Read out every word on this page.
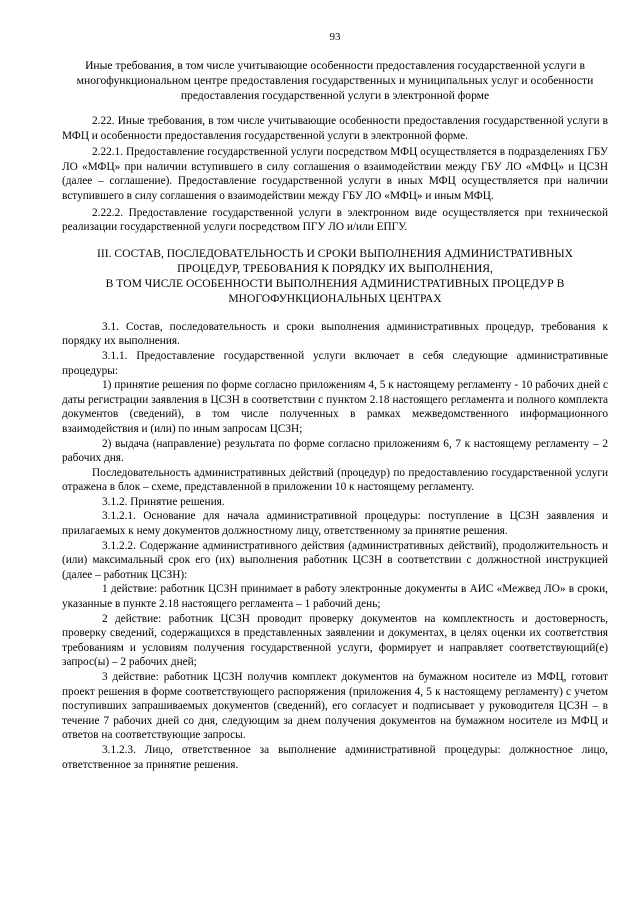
93
Иные требования, в том числе учитывающие особенности предоставления государственной услуги в многофункциональном центре предоставления государственных и муниципальных услуг и особенности предоставления государственной услуги в электронной форме

2.22. Иные требования, в том числе учитывающие особенности предоставления государственной услуги в МФЦ и особенности предоставления государственной услуги в электронной форме.

2.22.1. Предоставление государственной услуги посредством МФЦ осуществляется в подразделениях ГБУ ЛО «МФЦ» при наличии вступившего в силу соглашения о взаимодействии между ГБУ ЛО «МФЦ» и ЦСЗН (далее – соглашение). Предоставление государственной услуги в иных МФЦ осуществляется при наличии вступившего в силу соглашения о взаимодействии между ГБУ ЛО «МФЦ» и иным МФЦ.

2.22.2. Предоставление государственной услуги в электронном виде осуществляется при технической реализации государственной услуги посредством ПГУ ЛО и/или ЕПГУ.

III. СОСТАВ, ПОСЛЕДОВАТЕЛЬНОСТЬ И СРОКИ ВЫПОЛНЕНИЯ АДМИНИСТРАТИВНЫХ
ПРОЦЕДУР, ТРЕБОВАНИЯ К ПОРЯДКУ ИХ ВЫПОЛНЕНИЯ,
В ТОМ ЧИСЛЕ ОСОБЕННОСТИ ВЫПОЛНЕНИЯ АДМИНИСТРАТИВНЫХ ПРОЦЕДУР В
МНОГОФУНКЦИОНАЛЬНЫХ ЦЕНТРАХ

3.1. Состав, последовательность и сроки выполнения административных процедур, требования к порядку их выполнения.

3.1.1. Предоставление государственной услуги включает в себя следующие административные процедуры:

1) принятие решения по форме согласно приложениям 4, 5 к настоящему регламенту - 10 рабочих дней с даты регистрации заявления в ЦСЗН в соответствии с пунктом 2.18 настоящего регламента и полного комплекта документов (сведений), в том числе полученных в рамках межведомственного информационного взаимодействия и (или) по иным запросам ЦСЗН;

2) выдача (направление) результата по форме согласно приложениям 6, 7 к настоящему регламенту – 2 рабочих дня.

Последовательность административных действий (процедур) по предоставлению государственной услуги отражена в блок – схеме, представленной в приложении 10 к настоящему регламенту.

3.1.2. Принятие решения.

3.1.2.1. Основание для начала административной процедуры: поступление в ЦСЗН заявления и прилагаемых к нему документов должностному лицу, ответственному за принятие решения.

3.1.2.2. Содержание административного действия (административных действий), продолжительность и (или) максимальный срок его (их) выполнения работник ЦСЗН в соответствии с должностной инструкцией (далее – работник ЦСЗН):

1 действие: работник ЦСЗН принимает в работу электронные документы в АИС «Межвед ЛО» в сроки, указанные в пункте 2.18 настоящего регламента – 1 рабочий день;

2 действие: работник ЦСЗН проводит проверку документов на комплектность и достоверность, проверку сведений, содержащихся в представленных заявлении и документах, в целях оценки их соответствия требованиям и условиям получения государственной услуги, формирует и направляет соответствующий(е) запрос(ы) – 2 рабочих дней;

3 действие: работник ЦСЗН получив комплект документов на бумажном носителе из МФЦ, готовит проект решения в форме соответствующего распоряжения (приложения 4, 5 к настоящему регламенту) с учетом поступивших запрашиваемых документов (сведений), его согласует и подписывает у руководителя ЦСЗН – в течение 7 рабочих дней со дня, следующим за днем получения документов на бумажном носителе из МФЦ и ответов на соответствующие запросы.

3.1.2.3. Лицо, ответственное за выполнение административной процедуры: должностное лицо, ответственное за принятие решения.
